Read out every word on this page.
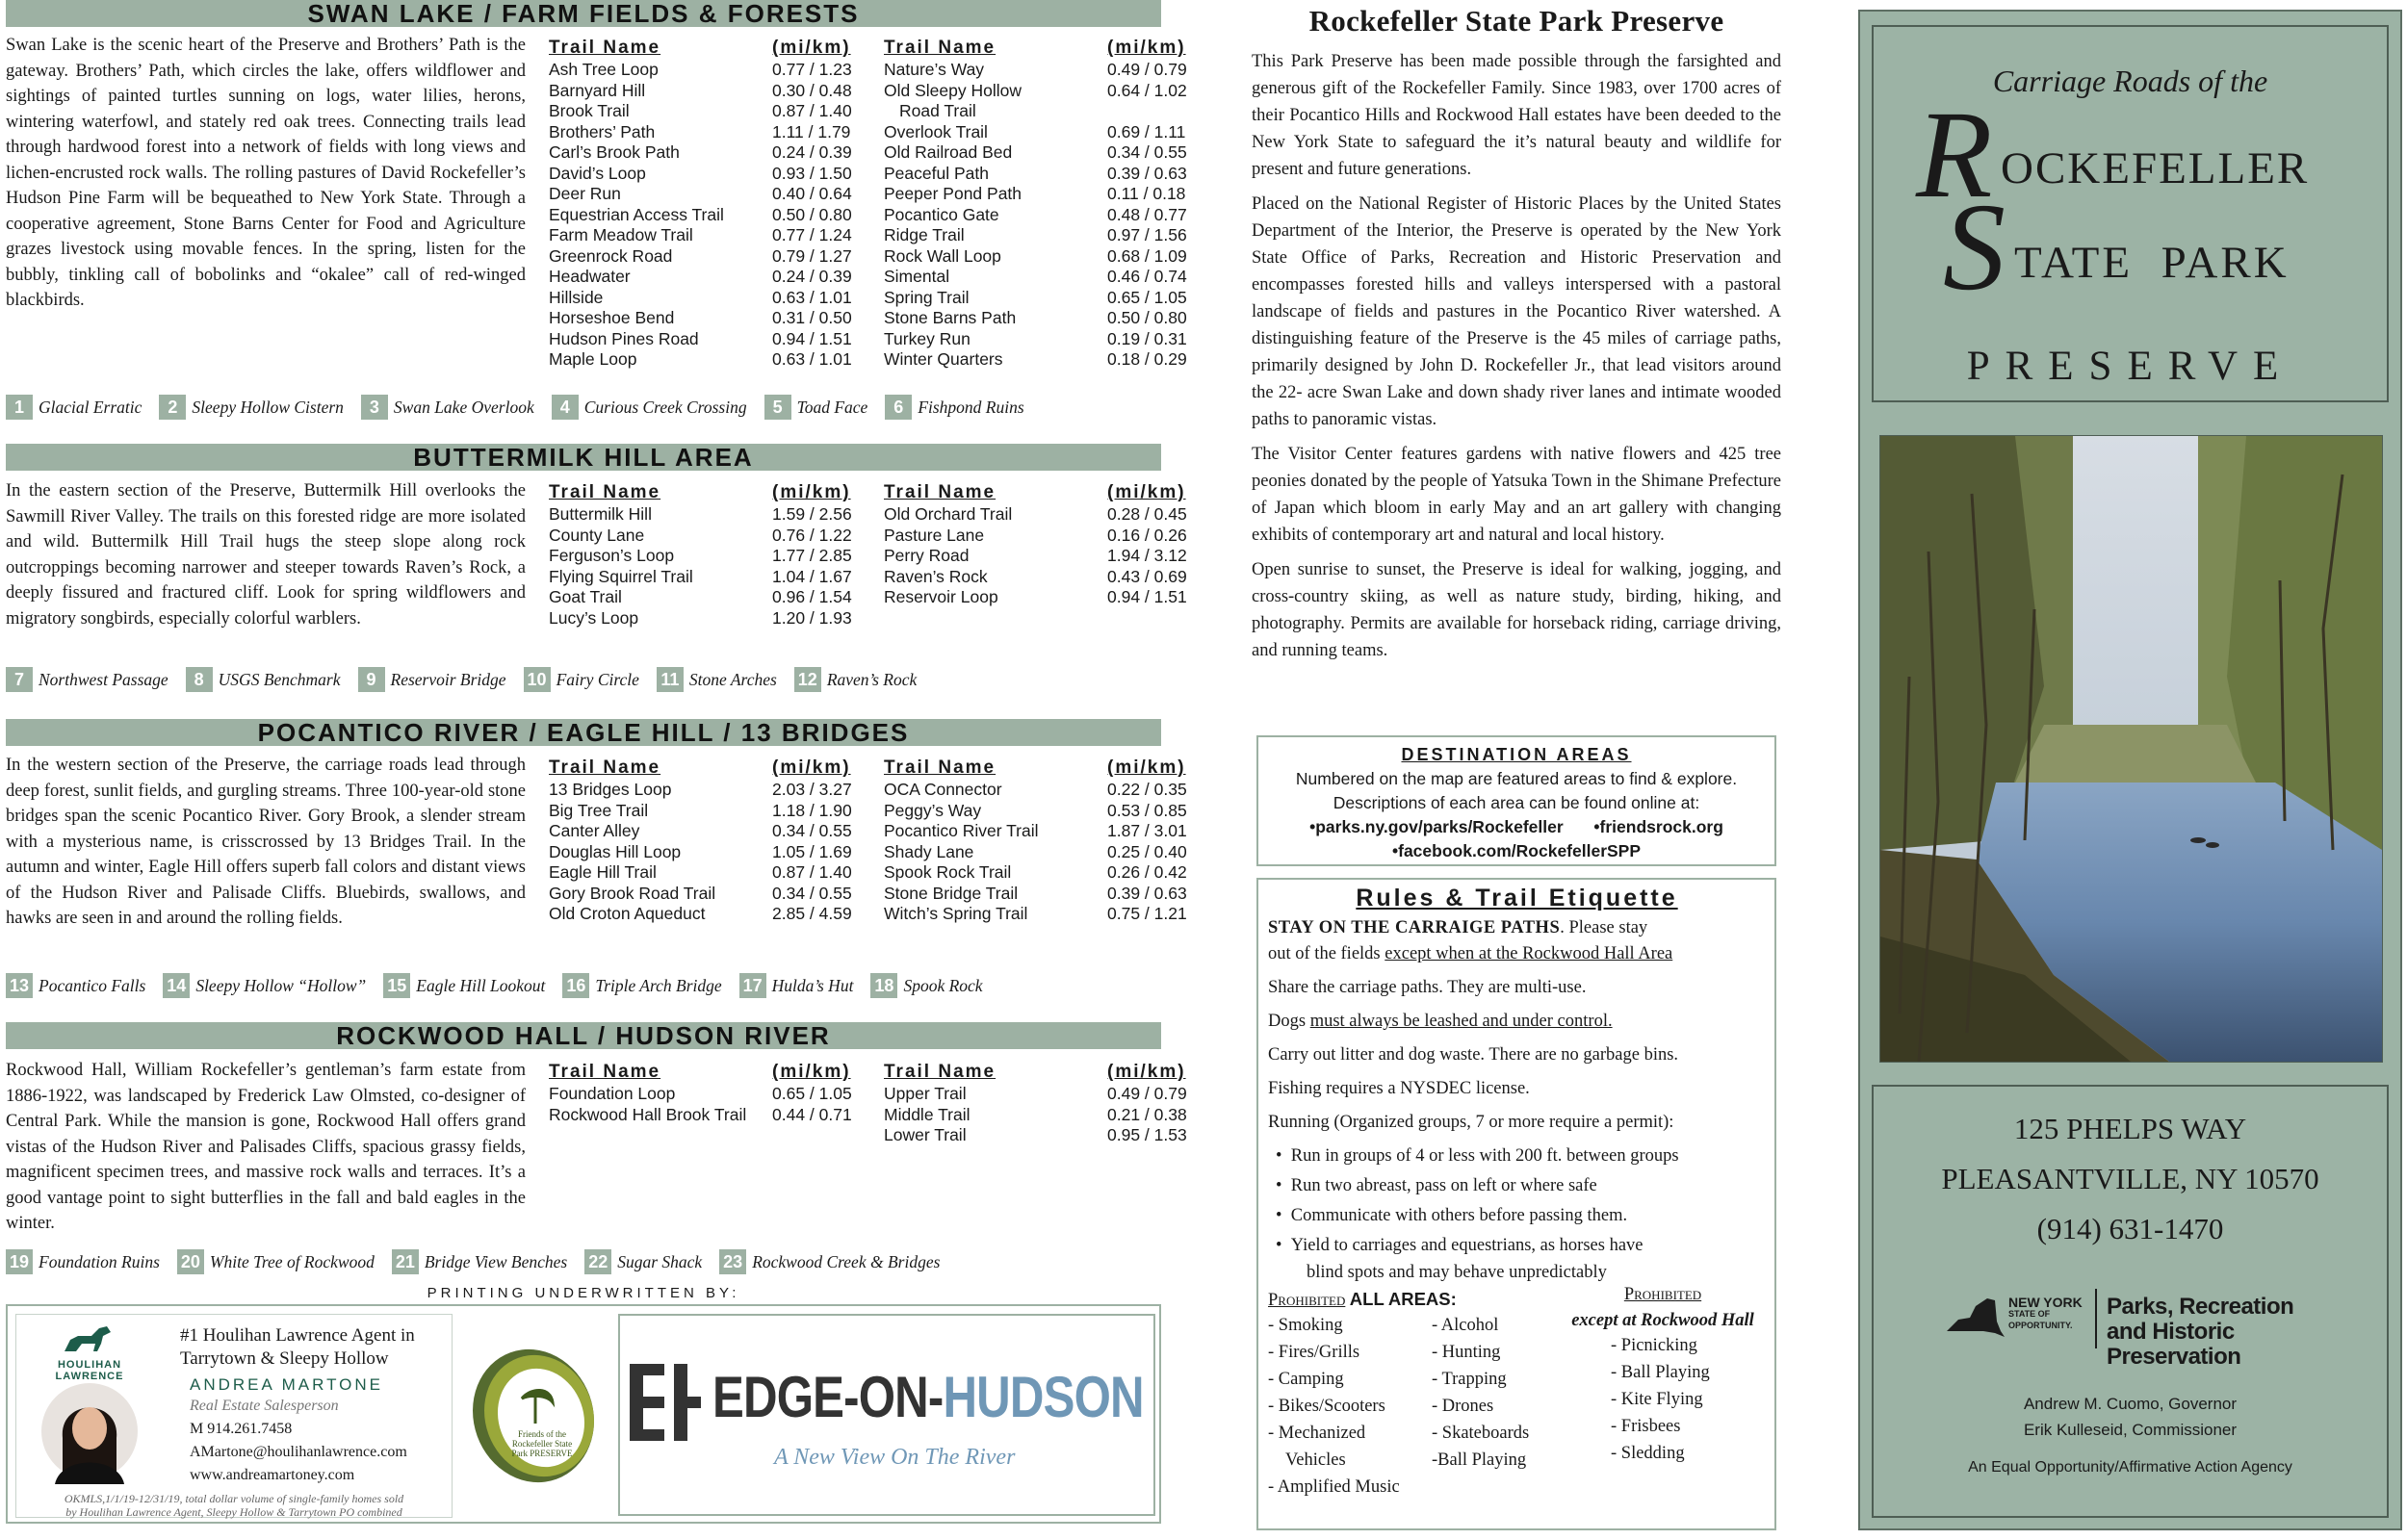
SWAN LAKE / FARM FIELDS & FORESTS
Swan Lake is the scenic heart of the Preserve and Brothers’ Path is the gateway. Brothers’ Path, which circles the lake, offers wildflower and sightings of painted turtles sunning on logs, water lilies, herons, wintering waterfowl, and stately red oak trees. Connecting trails lead through hardwood forest into a network of fields with long views and lichen-encrusted rock walls. The rolling pastures of David Rockefeller’s Hudson Pine Farm will be bequeathed to New York State. Through a cooperative agreement, Stone Barns Center for Food and Agriculture grazes livestock using movable fences. In the spring, listen for the bubbly, tinkling call of bobolinks and “okalee” call of red-winged blackbirds.
Trail Name	(mi/km)
Ash Tree Loop	0.77 / 1.23
Barnyard Hill	0.30 / 0.48
Brook Trail	0.87 / 1.40
Brothers’ Path	1.11 / 1.79
Carl’s Brook Path	0.24 / 0.39
David’s Loop	0.93 / 1.50
Deer Run	0.40 / 0.64
Equestrian Access Trail	0.50 / 0.80
Farm Meadow Trail	0.77 / 1.24
Greenrock Road	0.79 / 1.27
Headwater	0.24 / 0.39
Hillside	0.63 / 1.01
Horseshoe Bend	0.31 / 0.50
Hudson Pines Road	0.94 / 1.51
Maple Loop	0.63 / 1.01
Trail Name	(mi/km)
Nature’s Way	0.49 / 0.79
Old Sleepy Hollow	0.64 / 1.02
Road Trail
Overlook Trail	0.69 / 1.11
Old Railroad Bed	0.34 / 0.55
Peaceful Path	0.39 / 0.63
Peeper Pond Path	0.11 / 0.18
Pocantico Gate	0.48 / 0.77
Ridge Trail	0.97 / 1.56
Rock Wall Loop	0.68 / 1.09
Simental	0.46 / 0.74
Spring Trail	0.65 / 1.05
Stone Barns Path	0.50 / 0.80
Turkey Run	0.19 / 0.31
Winter Quarters	0.18 / 0.29
1 Glacial Erratic	2 Sleepy Hollow Cistern	3 Swan Lake Overlook	4 Curious Creek Crossing	5 Toad Face	6 Fishpond Ruins
BUTTERMILK HILL AREA
In the eastern section of the Preserve, Buttermilk Hill overlooks the Sawmill River Valley. The trails on this forested ridge are more isolated and wild. Buttermilk Hill Trail hugs the steep slope along rock outcroppings becoming narrower and steeper towards Raven’s Rock, a deeply fissured and fractured cliff. Look for spring wildflowers and migratory songbirds, especially colorful warblers.
Trail Name	(mi/km)
Buttermilk Hill	1.59 / 2.56
County Lane	0.76 / 1.22
Ferguson’s Loop	1.77 / 2.85
Flying Squirrel Trail	1.04 / 1.67
Goat Trail	0.96 / 1.54
Lucy’s Loop	1.20 / 1.93
Trail Name	(mi/km)
Old Orchard Trail	0.28 / 0.45
Pasture Lane	0.16 / 0.26
Perry Road	1.94 / 3.12
Raven’s Rock	0.43 / 0.69
Reservoir Loop	0.94 / 1.51
7 Northwest Passage	8 USGS Benchmark	9 Reservoir Bridge 10 Fairy Circle 11 Stone Arches 12 Raven’s Rock
POCANTICO RIVER / EAGLE HILL / 13 BRIDGES
In the western section of the Preserve, the carriage roads lead through deep forest, sunlit fields, and gurgling streams. Three 100-year-old stone bridges span the scenic Pocantico River. Gory Brook, a slender stream with a mysterious name, is crisscrossed by 13 Bridges Trail. In the autumn and winter, Eagle Hill offers superb fall colors and distant views of the Hudson River and Palisade Cliffs. Bluebirds, swallows, and hawks are seen in and around the rolling fields.
Trail Name	(mi/km)
13 Bridges Loop	2.03 / 3.27
Big Tree Trail	1.18 / 1.90
Canter Alley	0.34 / 0.55
Douglas Hill Loop	1.05 / 1.69
Eagle Hill Trail	0.87 / 1.40
Gory Brook Road Trail	0.34 / 0.55
Old Croton Aqueduct	2.85 / 4.59
Trail Name	(mi/km)
OCA Connector	0.22 / 0.35
Peggy’s Way	0.53 / 0.85
Pocantico River Trail	1.87 / 3.01
Shady Lane	0.25 / 0.40
Spook Rock Trail	0.26 / 0.42
Stone Bridge Trail	0.39 / 0.63
Witch’s Spring Trail	0.75 / 1.21
13 Pocantico Falls 14 Sleepy Hollow “Hollow” 15 Eagle Hill Lookout 16 Triple Arch Bridge 17 Hulda’s Hut 18 Spook Rock
ROCKWOOD HALL / HUDSON RIVER
Rockwood Hall, William Rockefeller’s gentleman’s farm estate from 1886-1922, was landscaped by Frederick Law Olmsted, co-designer of Central Park. While the mansion is gone, Rockwood Hall offers grand vistas of the Hudson River and Palisades Cliffs, spacious grassy fields, magnificent specimen trees, and massive rock walls and terraces. It’s a good vantage point to sight butterflies in the fall and bald eagles in the winter.
Trail Name	(mi/km)
Foundation Loop	0.65 / 1.05
Rockwood Hall Brook Trail	0.44 / 0.71
Trail Name	(mi/km)
Upper Trail	0.49 / 0.79
Middle Trail	0.21 / 0.38
Lower Trail	0.95 / 1.53
19 Foundation Ruins 20 White Tree of Rockwood 21 Bridge View Benches 22 Sugar Shack 23 Rockwood Creek & Bridges
PRINTING UNDERWRITTEN BY:
HOULIHAN LAWRENCE
#1 Houlihan Lawrence Agent in
Tarrytown & Sleepy Hollow
ANDREA MARTONE
Real Estate Salesperson
M 914.261.7458
AMartone@houlihanlawrence.com
www.andreamartoney.com
OKMLS,1/1/19-12/31/19, total dollar volume of single-family homes sold
by Houlihan Lawrence Agent, Sleepy Hollow & Tarrytown PO combined
Friends of the Rockefeller State Park PRESERVE
EDGE-ON-HUDSON
A New View On The River
Rockefeller State Park Preserve

This Park Preserve has been made possible through the farsighted and generous gift of the Rockefeller Family. Since 1983, over 1700 acres of their Pocantico Hills and Rockwood Hall estates have been deeded to the New York State to safeguard the it’s natural beauty and wildlife for present and future generations.

Placed on the National Register of Historic Places by the United States Department of the Interior, the Preserve is operated by the New York State Office of Parks, Recreation and Historic Preservation and encompasses forested hills and valleys interspersed with a pastoral landscape of fields and pastures in the Pocantico River watershed. A distinguishing feature of the Preserve is the 45 miles of carriage paths, primarily designed by John D. Rockefeller Jr., that lead visitors around the 22- acre Swan Lake and down shady river lanes and intimate wooded paths to panoramic vistas.

The Visitor Center features gardens with native flowers and 425 tree peonies donated by the people of Yatsuka Town in the Shimane Prefecture of Japan which bloom in early May and an art gallery with changing exhibits of contemporary art and natural and local history.

Open sunrise to sunset, the Preserve is ideal for walking, jogging, and cross-country skiing, as well as nature study, birding, hiking, and photography. Permits are available for horseback riding, carriage driving, and running teams.

DESTINATION AREAS
Numbered on the map are featured areas to find & explore.
Descriptions of each area can be found online at:
•parks.ny.gov/parks/Rockefeller •friendsrock.org
•facebook.com/RockefellerSPP
Rules & Trail Etiquette
STAY ON THE CARRAIGE PATHS. Please stay
out of the fields except when at the Rockwood Hall Area
Share the carriage paths. They are multi-use.
Dogs must always be leashed and under control.
Carry out litter and dog waste. There are no garbage bins.
Fishing requires a NYSDEC license.
Running (Organized groups, 7 or more require a permit):
•  Run in groups of 4 or less with 200 ft. between groups
•  Run two abreast, pass on left or where safe
•  Communicate with others before passing them.
•  Yield to carriages and equestrians, as horses have
blind spots and may behave unpredictably
Prohibited ALL AREAS:
- Smoking
- Fires/Grills
- Camping
- Bikes/Scooters
- Mechanized
Vehicles
- Amplified Music
- Alcohol
- Hunting
- Trapping
- Drones
- Skateboards
-Ball Playing
Prohibited
except at Rockwood Hall
- Picnicking
- Ball Playing
- Kite Flying
- Frisbees
- Sledding
Carriage Roads of the
R OCKEFELLER
S TATE  PARK
PRESERVE
125 PHELPS WAY
PLEASANTVILLE, NY 10570
(914) 631-1470
NEW YORK
STATE OF
OPPORTUNITY.
Parks, Recreation
and Historic Preservation
Andrew M. Cuomo, Governor
Erik Kulleseid, Commissioner
An Equal Opportunity/Affirmative Action Agency
